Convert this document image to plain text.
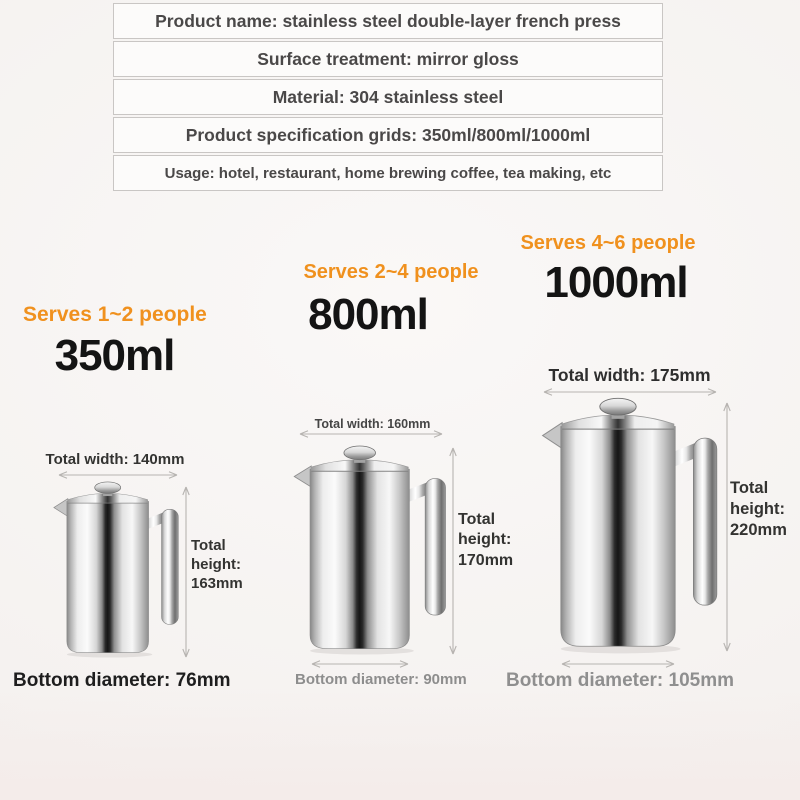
Product name: stainless steel double-layer french press
Surface treatment: mirror gloss
Material: 304 stainless steel
Product specification grids: 350ml/800ml/1000ml
Usage: hotel, restaurant, home brewing coffee, tea making, etc
Serves 1~2 people
350ml
Total width: 140mm
Total height: 163mm
Bottom diameter: 76mm
Serves 2~4 people
800ml
Total width: 160mm
Total height: 170mm
Bottom diameter: 90mm
Serves 4~6 people
1000ml
Total width: 175mm
Total height: 220mm
Bottom diameter: 105mm
